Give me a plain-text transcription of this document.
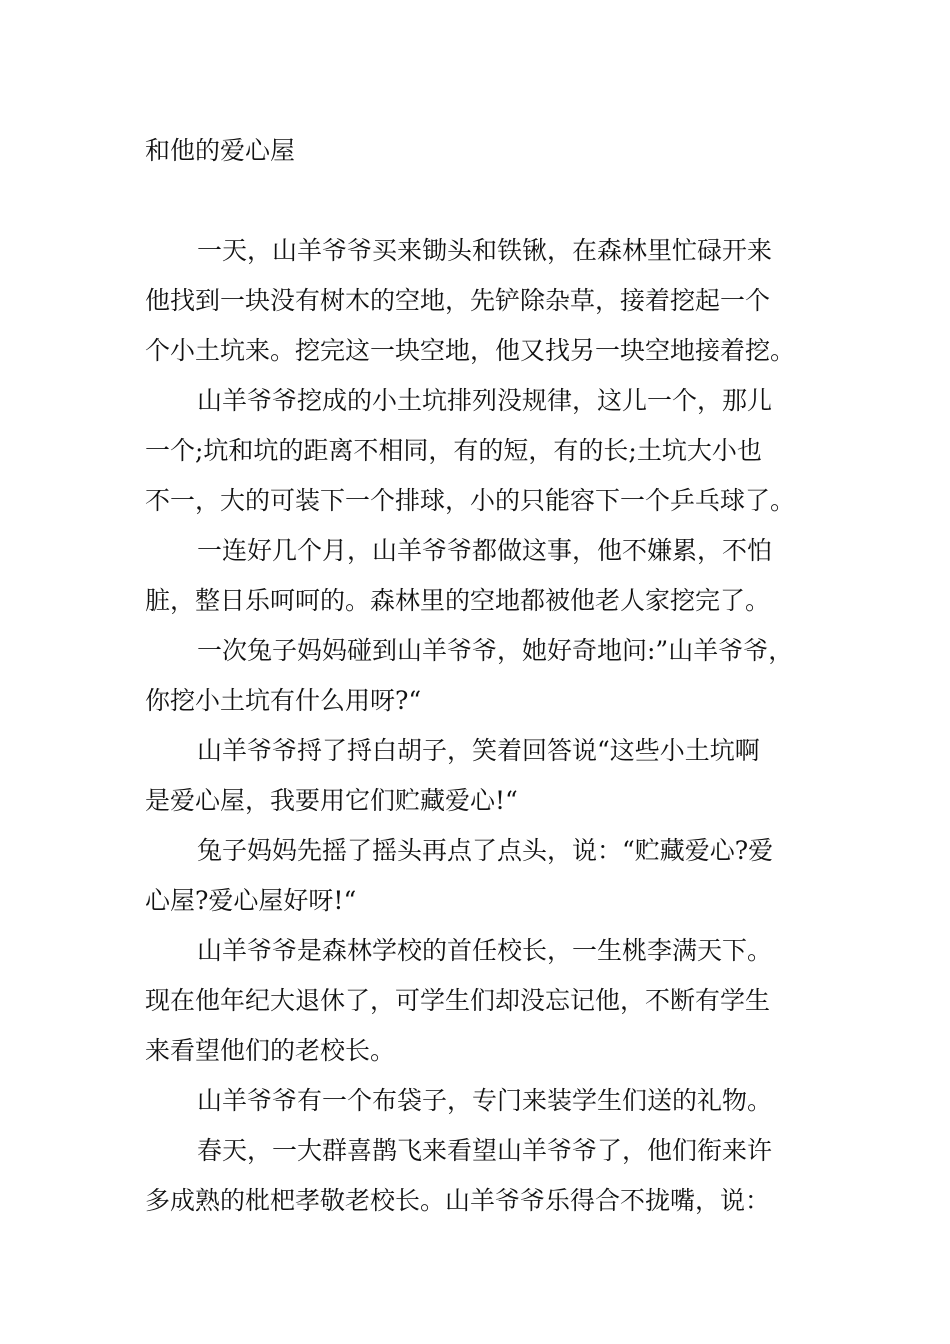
和他的爱心屋
一天，山羊爷爷买来锄头和铁锹，在森林里忙碌开来
他找到一块没有树木的空地，先铲除杂草，接着挖起一个
个小土坑来。挖完这一块空地，他又找另一块空地接着挖。
山羊爷爷挖成的小土坑排列没规律，这儿一个，那儿
一个;坑和坑的距离不相同，有的短，有的长;土坑大小也
不一，大的可装下一个排球，小的只能容下一个乒乓球了。
一连好几个月，山羊爷爷都做这事，他不嫌累，不怕
脏，整日乐呵呵的。森林里的空地都被他老人家挖完了。
一次兔子妈妈碰到山羊爷爷，她好奇地问:”山羊爷爷，
你挖小土坑有什么用呀?“
山羊爷爷捋了捋白胡子，笑着回答说“这些小土坑啊
是爱心屋，我要用它们贮藏爱心!“
兔子妈妈先摇了摇头再点了点头，说：“贮藏爱心?爱
心屋?爱心屋好呀!“
山羊爷爷是森林学校的首任校长，一生桃李满天下。
现在他年纪大退休了，可学生们却没忘记他，不断有学生
来看望他们的老校长。
山羊爷爷有一个布袋子，专门来装学生们送的礼物。
春天，一大群喜鹊飞来看望山羊爷爷了，他们衔来许
多成熟的枇杷孝敬老校长。山羊爷爷乐得合不拢嘴，说：
